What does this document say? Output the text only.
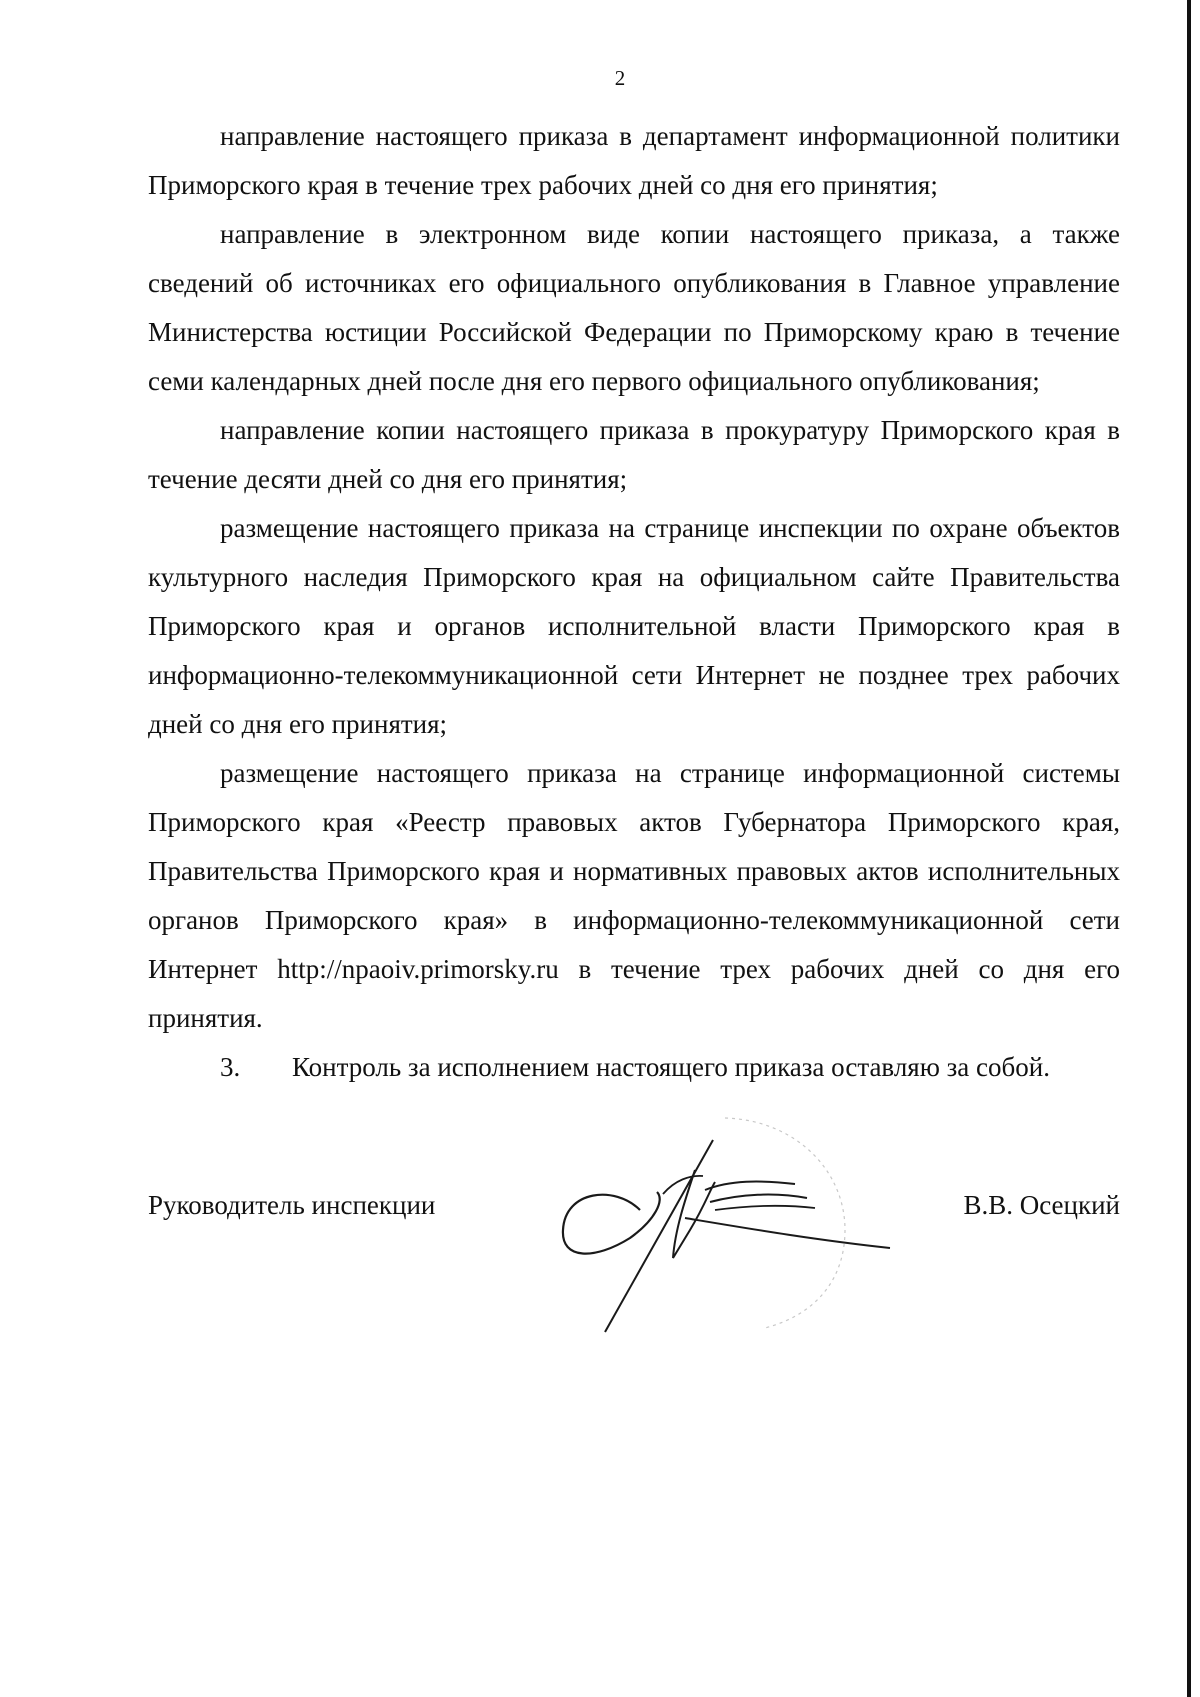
2

направление настоящего приказа в департамент информационной политики Приморского края в течение трех рабочих дней со дня его принятия;

направление в электронном виде копии настоящего приказа, а также сведений об источниках его официального опубликования в Главное управление Министерства юстиции Российской Федерации по Приморскому краю в течение семи календарных дней после дня его первого официального опубликования;

направление копии настоящего приказа в прокуратуру Приморского края в течение десяти дней со дня его принятия;

размещение настоящего приказа на странице инспекции по охране объектов культурного наследия Приморского края на официальном сайте Правительства Приморского края и органов исполнительной власти Приморского края в информационно-телекоммуникационной сети Интернет не позднее трех рабочих дней со дня его принятия;

размещение настоящего приказа на странице информационной системы Приморского края «Реестр правовых актов Губернатора Приморского края, Правительства Приморского края и нормативных правовых актов исполнительных органов Приморского края» в информационно-телекоммуникационной сети Интернет http://npaoiv.primorsky.ru в течение трех рабочих дней со дня его принятия.

3.	Контроль за исполнением настоящего приказа оставляю за собой.

Руководитель инспекции	В.В. Осецкий
